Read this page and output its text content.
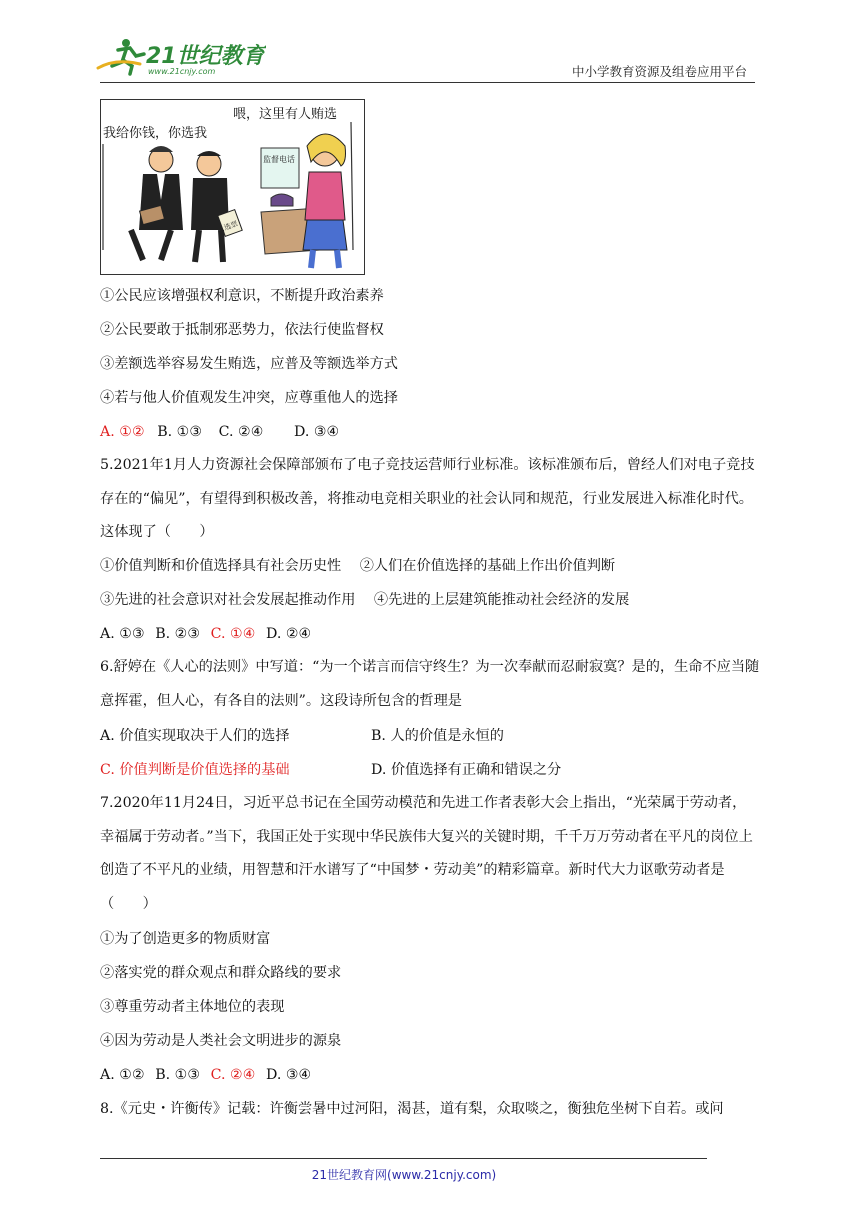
21世纪教育
www.21cnjy.com	中小学教育资源及组卷应用平台
喂，这里有人贿选
我给你钱，你选我
选票
监督电话
①公民应该增强权利意识，不断提升政治素养
②公民要敢于抵制邪恶势力，依法行使监督权
③差额选举容易发生贿选，应普及等额选举方式
④若与他人价值观发生冲突，应尊重他人的选择
A. ①② B. ①③ C. ②④ D. ③④
5.2021年1月人力资源社会保障部颁布了电子竞技运营师行业标准。该标准颁布后，曾经人们对电子竞技存在的“偏见”，有望得到积极改善，将推动电竞相关职业的社会认同和规范，行业发展进入标准化时代。这体现了（　　）
①价值判断和价值选择具有社会历史性 ②人们在价值选择的基础上作出价值判断
③先进的社会意识对社会发展起推动作用 ④先进的上层建筑能推动社会经济的发展
A. ①③ B. ②③ C. ①④ D. ②④
6.舒婷在《人心的法则》中写道：“为一个诺言而信守终生？为一次奉献而忍耐寂寞？是的，生命不应当随意挥霍，但人心，有各自的法则”。这段诗所包含的哲理是
A. 价值实现取决于人们的选择	B. 人的价值是永恒的
C. 价值判断是价值选择的基础	D. 价值选择有正确和错误之分
7.2020年11月24日，习近平总书记在全国劳动模范和先进工作者表彰大会上指出，“光荣属于劳动者，幸福属于劳动者。”当下，我国正处于实现中华民族伟大复兴的关键时期，千千万万劳动者在平凡的岗位上创造了不平凡的业绩，用智慧和汗水谱写了“中国梦・劳动美”的精彩篇章。新时代大力讴歌劳动者是（　　）
①为了创造更多的物质财富
②落实党的群众观点和群众路线的要求
③尊重劳动者主体地位的表现
④因为劳动是人类社会文明进步的源泉
A. ①② B. ①③ C. ②④ D. ③④
8.《元史・许衡传》记载：许衡尝暑中过河阳，渴甚，道有梨，众取啖之，衡独危坐树下自若。或问
21世纪教育网(www.21cnjy.com)
